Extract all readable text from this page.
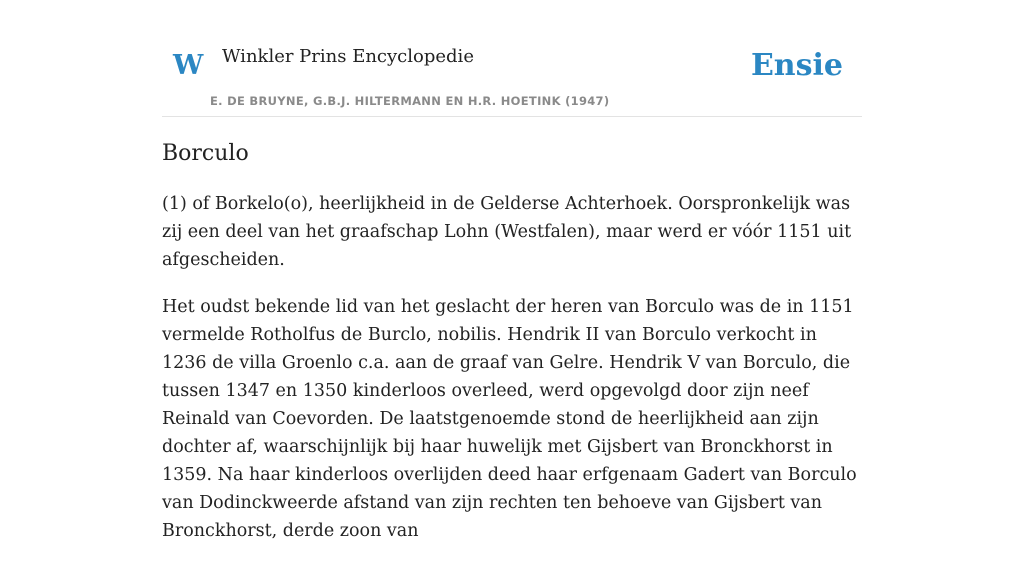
W Winkler Prins Encyclopedie
E. DE BRUYNE, G.B.J. HILTERMANN EN H.R. HOETINK (1947)
Ensie
Borculo

(1) of Borkelo(o), heerlijkheid in de Gelderse Achterhoek. Oorspronkelijk was zij een deel van het graafschap Lohn (Westfalen), maar werd er vóór 1151 uit afgescheiden.

Het oudst bekende lid van het geslacht der heren van Borculo was de in 1151 vermelde Rotholfus de Burclo, nobilis. Hendrik II van Borculo verkocht in 1236 de villa Groenlo c.a. aan de graaf van Gelre. Hendrik V van Borculo, die tussen 1347 en 1350 kinderloos overleed, werd opgevolgd door zijn neef Reinald van Coevorden. De laatstgenoemde stond de heerlijkheid aan zijn dochter af, waarschijnlijk bij haar huwelijk met Gijsbert van Bronckhorst in 1359. Na haar kinderloos overlijden deed haar erfgenaam Gadert van Borculo van Dodinckweerde afstand van zijn rechten ten behoeve van Gijsbert van Bronckhorst, derde zoon van
